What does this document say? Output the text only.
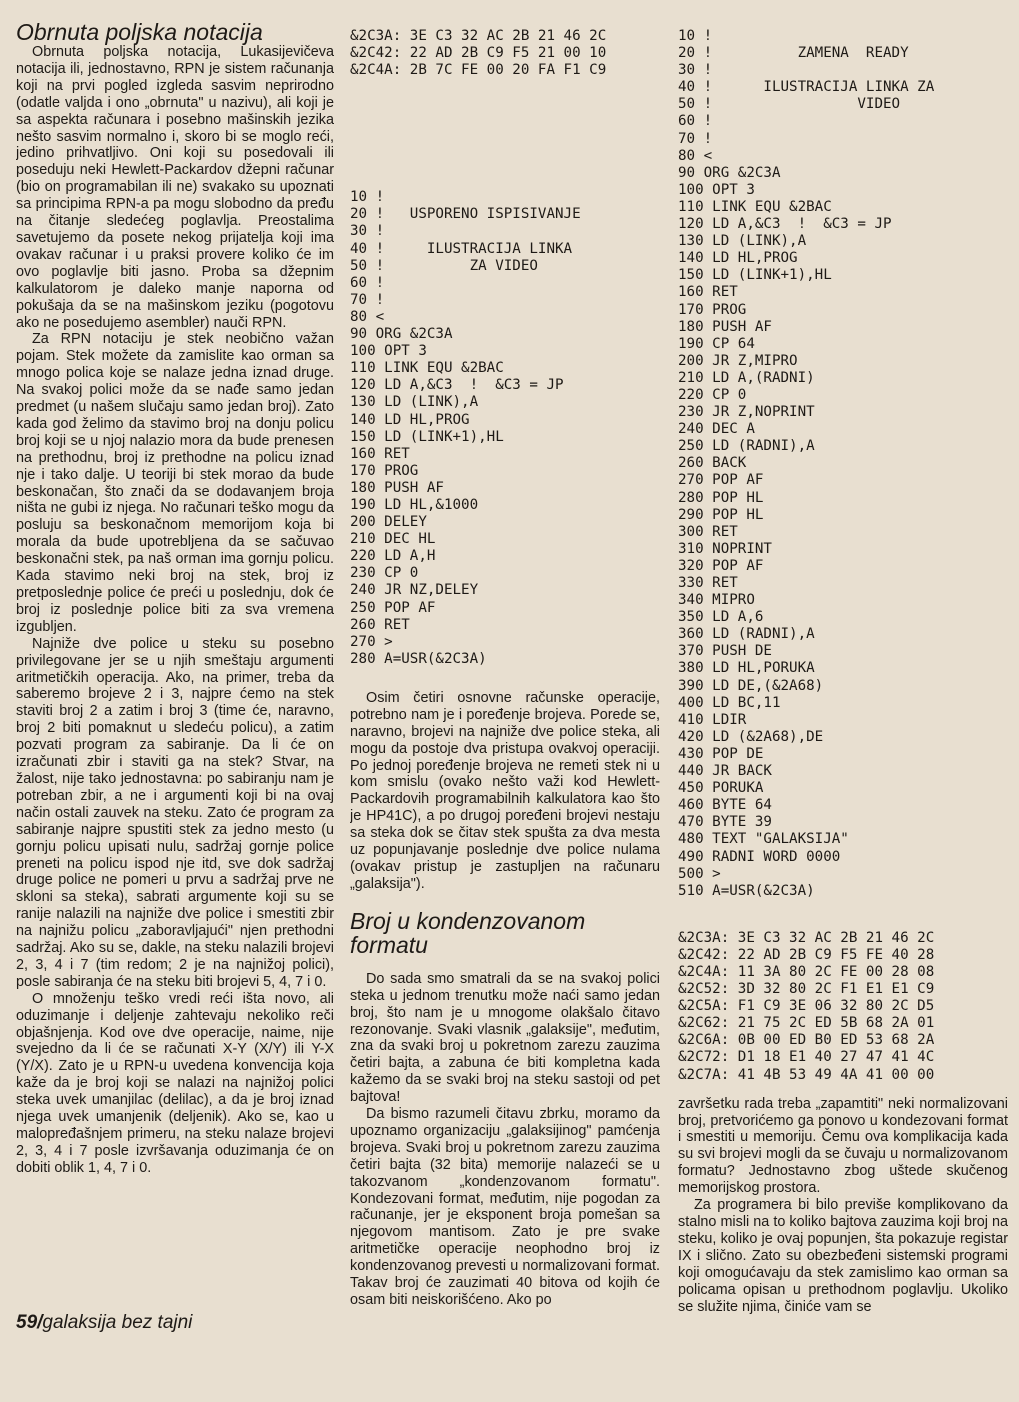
Obrnuta poljska notacija

Obrnuta poljska notacija, Lukasijevičeva notacija ili, jednostavno, RPN je sistem računanja koji na prvi pogled izgleda sasvim neprirodno (odatle valjda i ono „obrnuta" u nazivu), ali koji je sa aspekta računara i posebno mašinskih jezika nešto sasvim normalno i, skoro bi se moglo reći, jedino prihvatljivo. Oni koji su posedovali ili poseduju neki Hewlett-Packardov džepni računar (bio on programabilan ili ne) svakako su upoznati sa principima RPN-a pa mogu slobodno da pređu na čitanje sledećeg poglavlja. Preostalima savetujemo da posete nekog prijatelja koji ima ovakav računar i u praksi provere koliko će im ovo poglavlje biti jasno. Proba sa džepnim kalkulatorom je daleko manje naporna od pokušaja da se na mašinskom jeziku (pogotovu ako ne posedujemo asembler) nauči RPN.

Za RPN notaciju je stek neobično važan pojam. Stek možete da zamislite kao orman sa mnogo polica koje se nalaze jedna iznad druge. Na svakoj polici može da se nađe samo jedan predmet (u našem slučaju samo jedan broj). Zato kada god želimo da stavimo broj na donju policu broj koji se u njoj nalazio mora da bude prenesen na prethodnu, broj iz prethodne na policu iznad nje i tako dalje. U teoriji bi stek morao da bude beskonačan, što znači da se dodavanjem broja ništa ne gubi iz njega. No računari teško mogu da posluju sa beskonačnom memorijom koja bi morala da bude upotrebljena da se sačuvao beskonačni stek, pa naš orman ima gornju policu. Kada stavimo neki broj na stek, broj iz pretposlednje police će preći u poslednju, dok će broj iz poslednje police biti za sva vremena izgubljen.

Najniže dve police u steku su posebno privilegovane jer se u njih smeštaju argumenti aritmetičkih operacija. Ako, na primer, treba da saberemo brojeve 2 i 3, najpre ćemo na stek staviti broj 2 a zatim i broj 3 (time će, naravno, broj 2 biti pomaknut u sledeću policu), a zatim pozvati program za sabiranje. Da li će on izračunati zbir i staviti ga na stek? Stvar, na žalost, nije tako jednostavna: po sabiranju nam je potreban zbir, a ne i argumenti koji bi na ovaj način ostali zauvek na steku. Zato će program za sabiranje najpre spustiti stek za jedno mesto (u gornju policu upisati nulu, sadržaj gornje police preneti na policu ispod nje itd, sve dok sadržaj druge police ne pomeri u prvu a sadržaj prve ne skloni sa steka), sabrati argumente koji su se ranije nalazili na najniže dve police i smestiti zbir na najnižu policu „zaboravljajući" njen prethodni sadržaj. Ako su se, dakle, na steku nalazili brojevi 2, 3, 4 i 7 (tim redom; 2 je na najnižoj polici), posle sabiranja će na steku biti brojevi 5, 4, 7 i 0.

O množenju teško vredi reći išta novo, ali oduzimanje i deljenje zahtevaju nekoliko reči objašnjenja. Kod ove dve operacije, naime, nije svejedno da li će se računati X-Y (X/Y) ili Y-X (Y/X). Zato je u RPN-u uvedena konvencija koja kaže da je broj koji se nalazi na najnižoj polici steka uvek umanjilac (delilac), a da je broj iznad njega uvek umanjenik (deljenik). Ako se, kao u malopređašnjem primeru, na steku nalaze brojevi 2, 3, 4 i 7 posle izvršavanja oduzimanja će on dobiti oblik 1, 4, 7 i 0.

&2C3A: 3E C3 32 AC 2B 21 46 2C
&2C42: 22 AD 2B C9 F5 21 00 10
&2C4A: 2B 7C FE 00 20 FA F1 C9
10 !
20 !   USPORENO ISPISIVANJE
30 !
40 !     ILUSTRACIJA LINKA
50 !          ZA VIDEO
60 !
70 !
80 <
90 ORG &2C3A
100 OPT 3
110 LINK EQU &2BAC
120 LD A,&C3  !  &C3 = JP
130 LD (LINK),A
140 LD HL,PROG
150 LD (LINK+1),HL
160 RET
170 PROG
180 PUSH AF
190 LD HL,&1000
200 DELEY
210 DEC HL
220 LD A,H
230 CP 0
240 JR NZ,DELEY
250 POP AF
260 RET
270 >
280 A=USR(&2C3A)

Osim četiri osnovne računske operacije, potrebno nam je i poređenje brojeva. Porede se, naravno, brojevi na najniže dve police steka, ali mogu da postoje dva pristupa ovakvoj operaciji. Po jednoj poređenje brojeva ne remeti stek ni u kom smislu (ovako nešto važi kod Hewlett-Packardovih programabilnih kalkulatora kao što je HP41C), a po drugoj poređeni brojevi nestaju sa steka dok se čitav stek spušta za dva mesta uz popunjavanje poslednje dve police nulama (ovakav pristup je zastupljen na računaru „galaksija").

Broj u kondenzovanom formatu

Do sada smo smatrali da se na svakoj polici steka u jednom trenutku može naći samo jedan broj, što nam je u mnogome olakšalo čitavo rezonovanje. Svaki vlasnik „galaksije", međutim, zna da svaki broj u pokretnom zarezu zauzima četiri bajta, a zabuna će biti kompletna kada kažemo da se svaki broj na steku sastoji od pet bajtova!

Da bismo razumeli čitavu zbrku, moramo da upoznamo organizaciju „galaksijinog" pamćenja brojeva. Svaki broj u pokretnom zarezu zauzima četiri bajta (32 bita) memorije nalazeći se u takozvanom „kondenzovanom formatu". Kondezovani format, međutim, nije pogodan za računanje, jer je eksponent broja pomešan sa njegovom mantisom. Zato je pre svake aritmetičke operacije neophodno broj iz kondenzovanog prevesti u normalizovani format. Takav broj će zauzimati 40 bitova od kojih će osam biti neiskorišćeno. Ako po

10 !
20 !          ZAMENA  READY
30 !
40 !      ILUSTRACIJA LINKA ZA
50 !                 VIDEO
60 !
70 !
80 <
90 ORG &2C3A
100 OPT 3
110 LINK EQU &2BAC
120 LD A,&C3  !  &C3 = JP
130 LD (LINK),A
140 LD HL,PROG
150 LD (LINK+1),HL
160 RET
170 PROG
180 PUSH AF
190 CP 64
200 JR Z,MIPRO
210 LD A,(RADNI)
220 CP 0
230 JR Z,NOPRINT
240 DEC A
250 LD (RADNI),A
260 BACK
270 POP AF
280 POP HL
290 POP HL
300 RET
310 NOPRINT
320 POP AF
330 RET
340 MIPRO
350 LD A,6
360 LD (RADNI),A
370 PUSH DE
380 LD HL,PORUKA
390 LD DE,(&2A68)
400 LD BC,11
410 LDIR
420 LD (&2A68),DE
430 POP DE
440 JR BACK
450 PORUKA
460 BYTE 64
470 BYTE 39
480 TEXT "GALAKSIJA"
490 RADNI WORD 0000
500 >
510 A=USR(&2C3A)
&2C3A: 3E C3 32 AC 2B 21 46 2C
&2C42: 22 AD 2B C9 F5 FE 40 28
&2C4A: 11 3A 80 2C FE 00 28 08
&2C52: 3D 32 80 2C F1 E1 E1 C9
&2C5A: F1 C9 3E 06 32 80 2C D5
&2C62: 21 75 2C ED 5B 68 2A 01
&2C6A: 0B 00 ED B0 ED 53 68 2A
&2C72: D1 18 E1 40 27 47 41 4C
&2C7A: 41 4B 53 49 4A 41 00 00

završetku rada treba „zapamtiti" neki normalizovani broj, pretvorićemo ga ponovo u kondezovani format i smestiti u memoriju. Čemu ova komplikacija kada su svi brojevi mogli da se čuvaju u normalizovanom formatu? Jednostavno zbog uštede skučenog memorijskog prostora.

Za programera bi bilo previše komplikovano da stalno misli na to koliko bajtova zauzima koji broj na steku, koliko je ovaj popunjen, šta pokazuje registar IX i slično. Zato su obezbeđeni sistemski programi koji omogućavaju da stek zamislimo kao orman sa policama opisan u prethodnom poglavlju. Ukoliko se služite njima, činiće vam se

59/galaksija bez tajni
